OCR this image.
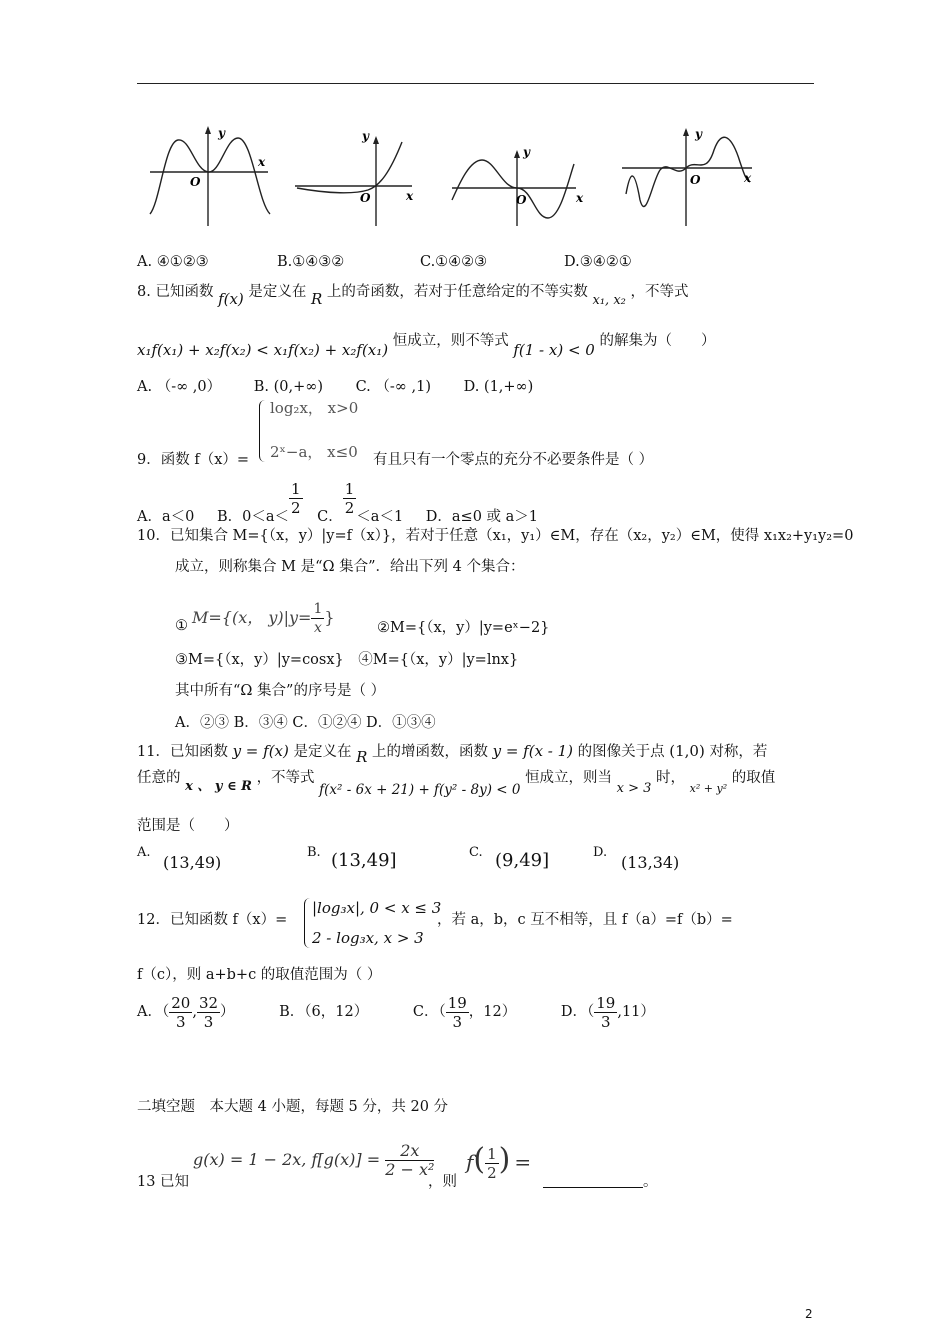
y
x
O
y
x
O
y
x
O
y
x
O
A. ④①②③	B.①④③②	C.①④②③	D.③④②①
8. 已知函数 f(x) 是定义在 R 上的奇函数，若对于任意给定的不等实数 x₁, x₂ ，不等式
x₁f(x₁) + x₂f(x₂) < x₁f(x₂) + x₂f(x₁) 恒成立，则不等式 f(1 - x) < 0 的解集为（　　）
A. （-∞ ,0） B. (0,+∞) C. （-∞ ,1) D. (1,+∞)
log₂x， x>0
2ˣ−a， x≤0
9．函数 f（x）=	有且只有一个零点的充分不必要条件是（ ）
A．a＜0 B．$0<a< \frac{1}{2}$ C． $\frac{1}{2} <a<1$ D．a≤0 或 a＞1
10．已知集合 M={（x，y）|y=f（x）}，若对于任意（x₁，y₁）∈M，存在（x₂，y₂）∈M，使得 x₁x₂+y₁y₂=0
成立，则称集合 M 是“Ω 集合”．给出下列 4 个集合：
① M={(x， $y)|y= \frac{1}{x}$ }
②M={（x，y）|y=eˣ−2}
③M={（x，y）|y=cosx}　④M={（x，y）|y=lnx}
其中所有“Ω 集合”的序号是（ ）
A．②③ B．③④ C．①②④ D．①③④
11．已知函数 y = f(x) 是定义在 R 上的增函数，函数 y = f(x - 1) 的图像关于点 (1,0) 对称，若
任意的 x 、 y ∈ R ，不等式 f(x² - 6x + 21) + f(y² - 8y) < 0 恒成立，则当 x > 3 时， $_{x^2 + y^2}$ 的取值
范围是（　　）
A.
(13,49)
B. (13,49]	C. (9,49]	D.
(13,34)
12．已知函数 f（x）=
|log₃x|, 0 < x ≤ 3
2 - log₃x, x > 3
，若 a，b，c 互不相等，且 f（a）=f（b）=
f（c），则 a+b+c 的取值范围为（ ）
A．（ $\frac{20}{3}$ , $\frac{32}{3}$ ）	B．（6，12）	C．（ $\frac{19}{3}$ ，12）	D．（ $\frac{19}{3} ,11$）
二填空题　本大题 4 小题，每题 5 分，共 20 分
13 已知
g(x) = 1 − 2x, $f[g(x)] = \frac{2x}{\text{2 − x²}}$
，则
$f( \frac{1}{2}$ ) =
。
2
